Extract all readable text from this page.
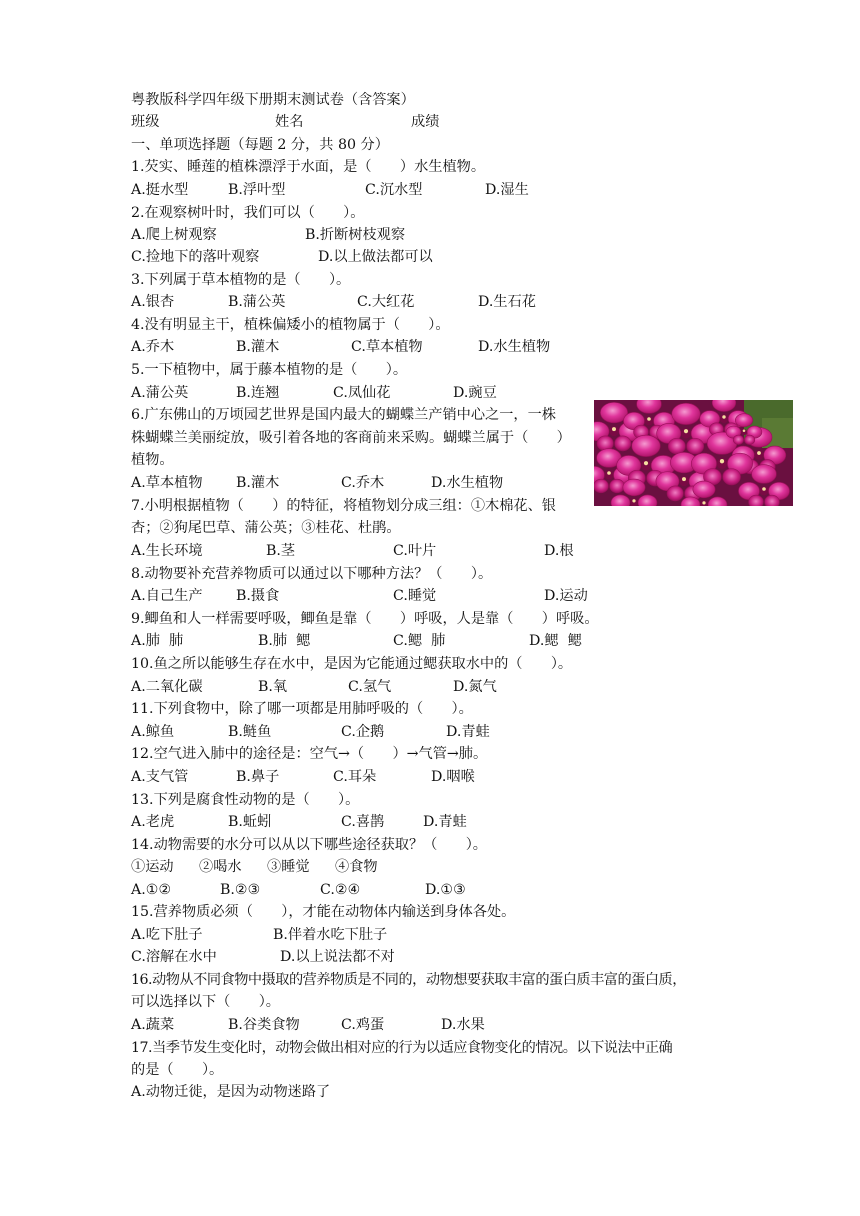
粤教版科学四年级下册期末测试卷（含答案）
班级	姓名	成绩
一、单项选择题（每题 2 分，共 80 分）
1.芡实、睡莲的植株漂浮于水面，是（　　）水生植物。
A.挺水型	B.浮叶型	C.沉水型	D.湿生
2.在观察树叶时，我们可以（　　）。
A.爬上树观察	B.折断树枝观察
C.捡地下的落叶观察	D.以上做法都可以
3.下列属于草本植物的是（　　）。
A.银杏	B.蒲公英	C.大红花	D.生石花
4.没有明显主干，植株偏矮小的植物属于（　　）。
A.乔木	B.灌木	C.草本植物	D.水生植物
5.一下植物中，属于藤本植物的是（　　）。
A.蒲公英	B.连翘	C.凤仙花	D.豌豆
6.广东佛山的万顷园艺世界是国内最大的蝴蝶兰产销中心之一，一株
株蝴蝶兰美丽绽放，吸引着各地的客商前来采购。蝴蝶兰属于（　　）
植物。
A.草本植物 B.灌木	C.乔木	D.水生植物
7.小明根据植物（　　）的特征，将植物划分成三组：①木棉花、银
杏；②狗尾巴草、蒲公英；③桂花、杜鹃。
A.生长环境	B.茎	C.叶片	D.根
8.动物要补充营养物质可以通过以下哪种方法？（　　）。
A.自己生产 B.摄食	C.睡觉	D.运动
9.鲫鱼和人一样需要呼吸，鲫鱼是靠（　　）呼吸，人是靠（　　）呼吸。
A.肺  肺	B.肺  鳃	C.鳃  肺	D.鳃  鳃
10.鱼之所以能够生存在水中，是因为它能通过鳃获取水中的（　　）。
A.二氧化碳	B.氧	C.氢气	D.氮气
11.下列食物中，除了哪一项都是用肺呼吸的（　　）。
A.鲸鱼	B.鲢鱼	C.企鹅	D.青蛙
12.空气进入肺中的途径是：空气→（　　）→气管→肺。
A.支气管	B.鼻子	C.耳朵	D.咽喉
13.下列是腐食性动物的是（　　）。
A.老虎	B.蚯蚓	C.喜鹊	D.青蛙
14.动物需要的水分可以从以下哪些途径获取？（　　）。
①运动 ②喝水 ③睡觉 ④食物
A.①②	B.②③	C.②④	D.①③
15.营养物质必须（　　），才能在动物体内输送到身体各处。
A.吃下肚子	B.伴着水吃下肚子
C.溶解在水中	D.以上说法都不对
16.动物从不同食物中摄取的营养物质是不同的，动物想要获取丰富的蛋白质丰富的蛋白质，
可以选择以下（　　）。
A.蔬菜	B.谷类食物	C.鸡蛋	D.水果
17.当季节发生变化时，动物会做出相对应的行为以适应食物变化的情况。以下说法中正确
的是（　　）。
A.动物迁徙，是因为动物迷路了
